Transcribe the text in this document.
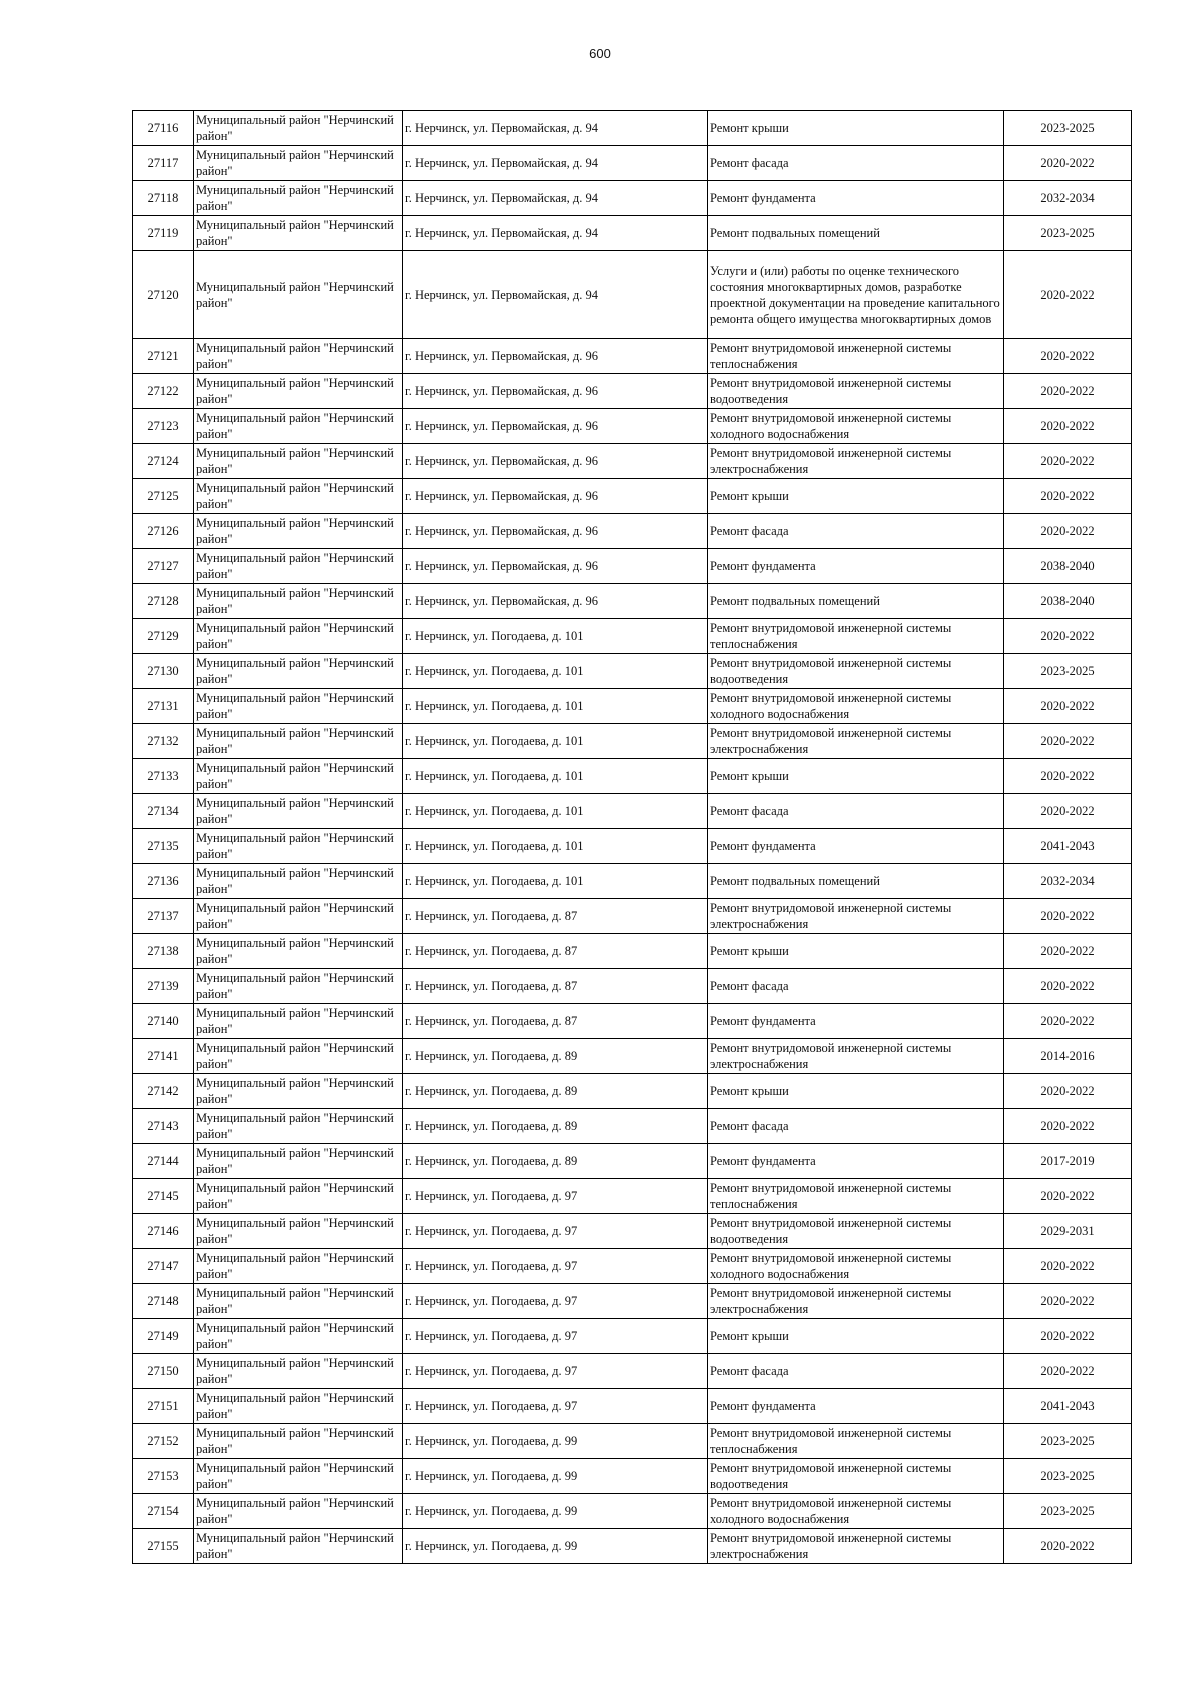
600
27116	Муниципальный район "Нерчинский район"	г. Нерчинск, ул. Первомайская, д. 94	Ремонт крыши	2023-2025
27117	Муниципальный район "Нерчинский район"	г. Нерчинск, ул. Первомайская, д. 94	Ремонт фасада	2020-2022
27118	Муниципальный район "Нерчинский район"	г. Нерчинск, ул. Первомайская, д. 94	Ремонт фундамента	2032-2034
27119	Муниципальный район "Нерчинский район"	г. Нерчинск, ул. Первомайская, д. 94	Ремонт подвальных помещений	2023-2025
27120	Муниципальный район "Нерчинский район"	г. Нерчинск, ул. Первомайская, д. 94	Услуги и (или) работы по оценке технического состояния многоквартирных домов, разработке проектной документации на проведение капитального ремонта общего имущества многоквартирных домов	2020-2022
27121	Муниципальный район "Нерчинский район"	г. Нерчинск, ул. Первомайская, д. 96	Ремонт внутридомовой инженерной системы теплоснабжения	2020-2022
27122	Муниципальный район "Нерчинский район"	г. Нерчинск, ул. Первомайская, д. 96	Ремонт внутридомовой инженерной системы водоотведения	2020-2022
27123	Муниципальный район "Нерчинский район"	г. Нерчинск, ул. Первомайская, д. 96	Ремонт внутридомовой инженерной системы холодного водоснабжения	2020-2022
27124	Муниципальный район "Нерчинский район"	г. Нерчинск, ул. Первомайская, д. 96	Ремонт внутридомовой инженерной системы электроснабжения	2020-2022
27125	Муниципальный район "Нерчинский район"	г. Нерчинск, ул. Первомайская, д. 96	Ремонт крыши	2020-2022
27126	Муниципальный район "Нерчинский район"	г. Нерчинск, ул. Первомайская, д. 96	Ремонт фасада	2020-2022
27127	Муниципальный район "Нерчинский район"	г. Нерчинск, ул. Первомайская, д. 96	Ремонт фундамента	2038-2040
27128	Муниципальный район "Нерчинский район"	г. Нерчинск, ул. Первомайская, д. 96	Ремонт подвальных помещений	2038-2040
27129	Муниципальный район "Нерчинский район"	г. Нерчинск, ул. Погодаева, д. 101	Ремонт внутридомовой инженерной системы теплоснабжения	2020-2022
27130	Муниципальный район "Нерчинский район"	г. Нерчинск, ул. Погодаева, д. 101	Ремонт внутридомовой инженерной системы водоотведения	2023-2025
27131	Муниципальный район "Нерчинский район"	г. Нерчинск, ул. Погодаева, д. 101	Ремонт внутридомовой инженерной системы холодного водоснабжения	2020-2022
27132	Муниципальный район "Нерчинский район"	г. Нерчинск, ул. Погодаева, д. 101	Ремонт внутридомовой инженерной системы электроснабжения	2020-2022
27133	Муниципальный район "Нерчинский район"	г. Нерчинск, ул. Погодаева, д. 101	Ремонт крыши	2020-2022
27134	Муниципальный район "Нерчинский район"	г. Нерчинск, ул. Погодаева, д. 101	Ремонт фасада	2020-2022
27135	Муниципальный район "Нерчинский район"	г. Нерчинск, ул. Погодаева, д. 101	Ремонт фундамента	2041-2043
27136	Муниципальный район "Нерчинский район"	г. Нерчинск, ул. Погодаева, д. 101	Ремонт подвальных помещений	2032-2034
27137	Муниципальный район "Нерчинский район"	г. Нерчинск, ул. Погодаева, д. 87	Ремонт внутридомовой инженерной системы электроснабжения	2020-2022
27138	Муниципальный район "Нерчинский район"	г. Нерчинск, ул. Погодаева, д. 87	Ремонт крыши	2020-2022
27139	Муниципальный район "Нерчинский район"	г. Нерчинск, ул. Погодаева, д. 87	Ремонт фасада	2020-2022
27140	Муниципальный район "Нерчинский район"	г. Нерчинск, ул. Погодаева, д. 87	Ремонт фундамента	2020-2022
27141	Муниципальный район "Нерчинский район"	г. Нерчинск, ул. Погодаева, д. 89	Ремонт внутридомовой инженерной системы электроснабжения	2014-2016
27142	Муниципальный район "Нерчинский район"	г. Нерчинск, ул. Погодаева, д. 89	Ремонт крыши	2020-2022
27143	Муниципальный район "Нерчинский район"	г. Нерчинск, ул. Погодаева, д. 89	Ремонт фасада	2020-2022
27144	Муниципальный район "Нерчинский район"	г. Нерчинск, ул. Погодаева, д. 89	Ремонт фундамента	2017-2019
27145	Муниципальный район "Нерчинский район"	г. Нерчинск, ул. Погодаева, д. 97	Ремонт внутридомовой инженерной системы теплоснабжения	2020-2022
27146	Муниципальный район "Нерчинский район"	г. Нерчинск, ул. Погодаева, д. 97	Ремонт внутридомовой инженерной системы водоотведения	2029-2031
27147	Муниципальный район "Нерчинский район"	г. Нерчинск, ул. Погодаева, д. 97	Ремонт внутридомовой инженерной системы холодного водоснабжения	2020-2022
27148	Муниципальный район "Нерчинский район"	г. Нерчинск, ул. Погодаева, д. 97	Ремонт внутридомовой инженерной системы электроснабжения	2020-2022
27149	Муниципальный район "Нерчинский район"	г. Нерчинск, ул. Погодаева, д. 97	Ремонт крыши	2020-2022
27150	Муниципальный район "Нерчинский район"	г. Нерчинск, ул. Погодаева, д. 97	Ремонт фасада	2020-2022
27151	Муниципальный район "Нерчинский район"	г. Нерчинск, ул. Погодаева, д. 97	Ремонт фундамента	2041-2043
27152	Муниципальный район "Нерчинский район"	г. Нерчинск, ул. Погодаева, д. 99	Ремонт внутридомовой инженерной системы теплоснабжения	2023-2025
27153	Муниципальный район "Нерчинский район"	г. Нерчинск, ул. Погодаева, д. 99	Ремонт внутридомовой инженерной системы водоотведения	2023-2025
27154	Муниципальный район "Нерчинский район"	г. Нерчинск, ул. Погодаева, д. 99	Ремонт внутридомовой инженерной системы холодного водоснабжения	2023-2025
27155	Муниципальный район "Нерчинский район"	г. Нерчинск, ул. Погодаева, д. 99	Ремонт внутридомовой инженерной системы электроснабжения	2020-2022
